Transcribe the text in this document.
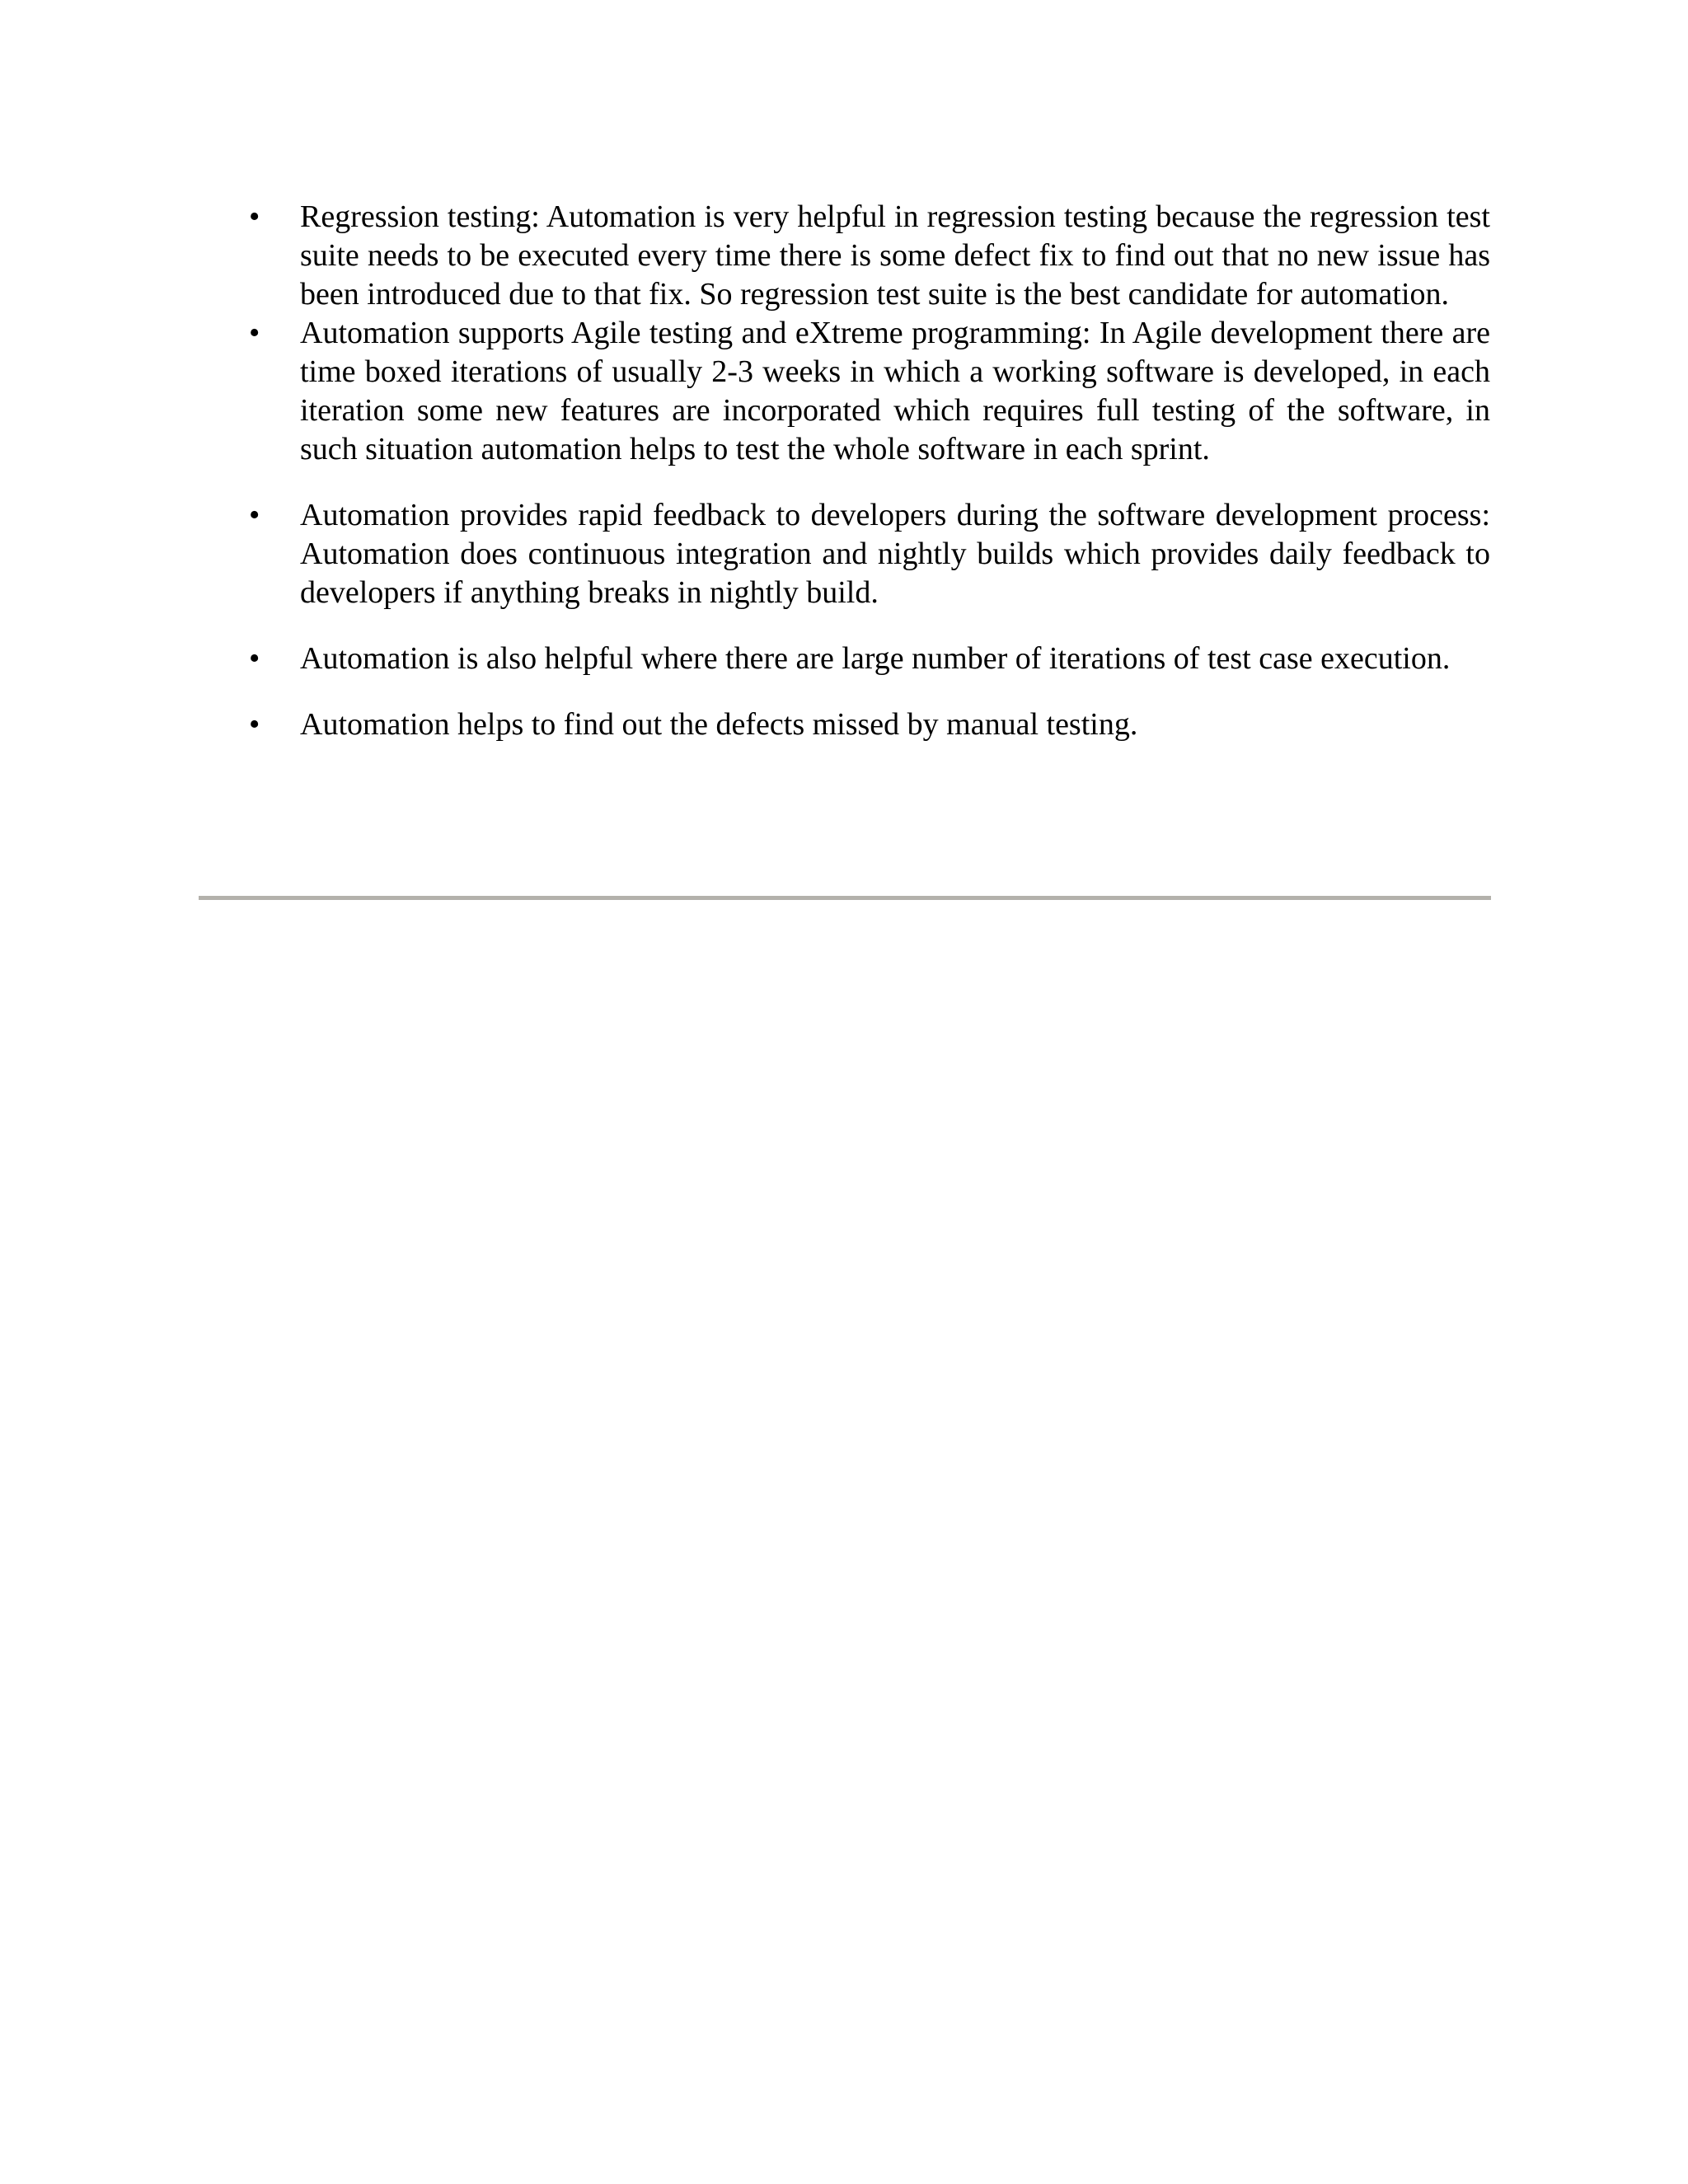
•	Regression testing: Automation is very helpful in regression testing because the regression test suite needs to be executed every time there is some defect fix to find out that no new issue has been introduced due to that fix. So regression test suite is the best candidate for automation.
•	Automation supports Agile testing and eXtreme programming: In Agile development there are time boxed iterations of usually 2-3 weeks in which a working software is developed, in each iteration some new features are incorporated which requires full testing of the software, in such situation automation helps to test the whole software in each sprint.
•	Automation provides rapid feedback to developers during the software development process: Automation does continuous integration and nightly builds which provides daily feedback to developers if anything breaks in nightly build.
•	Automation is also helpful where there are large number of iterations of test case execution.
•	Automation helps to find out the defects missed by manual testing.
